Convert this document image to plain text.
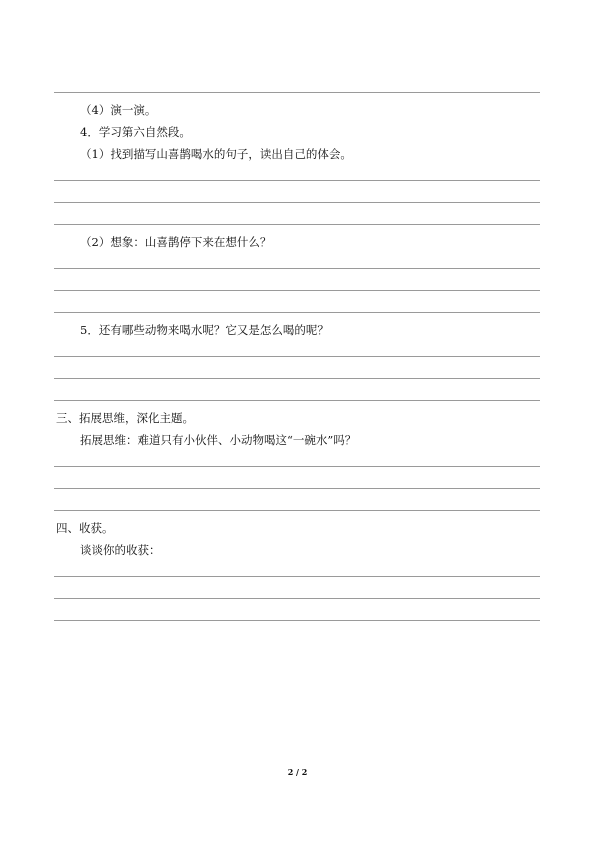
（4）演一演。
4．学习第六自然段。
（1）找到描写山喜鹊喝水的句子，读出自己的体会。
（2）想象：山喜鹊停下来在想什么？
5．还有哪些动物来喝水呢？它又是怎么喝的呢？
三、拓展思维，深化主题。
拓展思维：难道只有小伙伴、小动物喝这“一碗水”吗？
四、收获。
谈谈你的收获：
2 / 2
